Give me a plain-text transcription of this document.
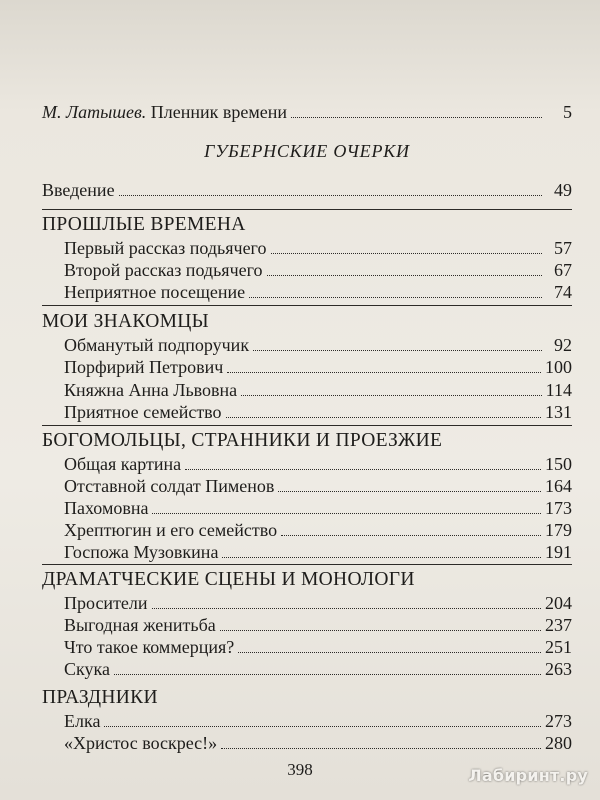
М. Латышев. Пленник времени	5
ГУБЕРНСКИЕ ОЧЕРКИ
Введение	49
ПРОШЛЫЕ ВРЕМЕНА
Первый рассказ подьячего	57
Второй рассказ подьячего	67
Неприятное посещение	74
МОИ ЗНАКОМЦЫ
Обманутый подпоручик	92
Порфирий Петрович	100
Княжна Анна Львовна	114
Приятное семейство	131
БОГОМОЛЬЦЫ, СТРАННИКИ И ПРОЕЗЖИЕ
Общая картина	150
Отставной солдат Пименов	164
Пахомовна	173
Хрептюгин и его семейство	179
Госпожа Музовкина	191
ДРАМАТЧЕСКИЕ СЦЕНЫ И МОНОЛОГИ
Просители	204
Выгодная женитьба	237
Что такое коммерция?	251
Скука	263
ПРАЗДНИКИ
Елка	273
«Христос воскрес!»	280
398	Лабиринт.ру
